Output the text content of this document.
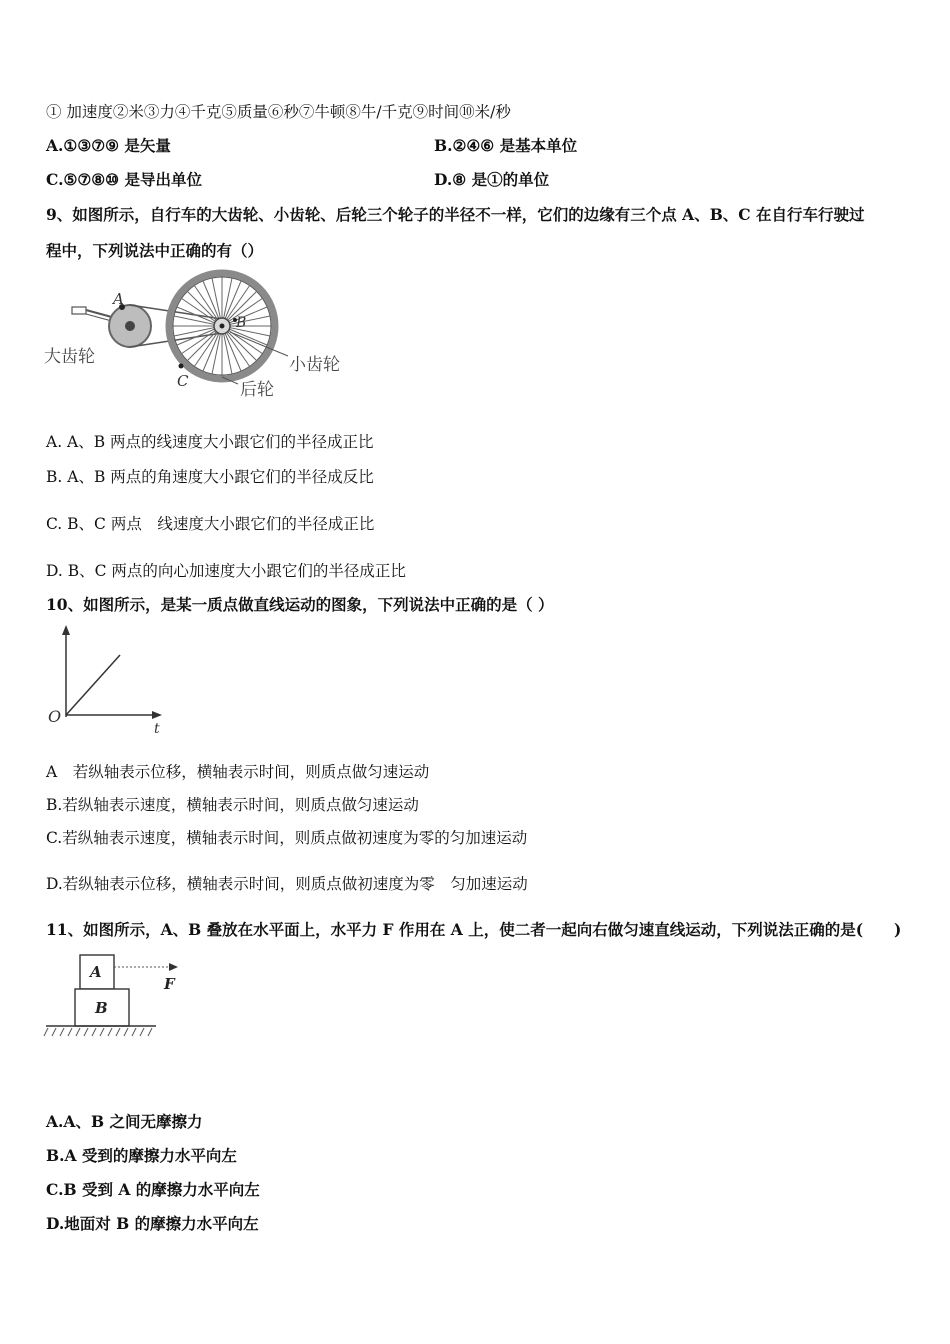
① 加速度②米③力④千克⑤质量⑥秒⑦牛顿⑧牛/千克⑨时间⑩米/秒
A.①③⑦⑨ 是矢量	B.②④⑥ 是基本单位
C.⑤⑦⑧⑩ 是导出单位	D.⑧ 是①的单位
9、如图所示，自行车的大齿轮、小齿轮、后轮三个轮子的半径不一样，它们的边缘有三个点 A、B、C 在自行车行驶过
程中，下列说法中正确的有（）
A
B
C
大齿轮	小齿轮
后轮
A. A、B 两点的线速度大小跟它们的半径成正比
B. A、B 两点的角速度大小跟它们的半径成反比
C. B、C 两点　线速度大小跟它们的半径成正比
D. B、C 两点的向心加速度大小跟它们的半径成正比
10、如图所示，是某一质点做直线运动的图象，下列说法中正确的是（ ）
O
t
A　若纵轴表示位移，横轴表示时间，则质点做匀速运动
B.若纵轴表示速度，横轴表示时间，则质点做匀速运动
C.若纵轴表示速度，横轴表示时间，则质点做初速度为零的匀加速运动
D.若纵轴表示位移，横轴表示时间，则质点做初速度为零　匀加速运动
11、如图所示，A、B 叠放在水平面上，水平力 F 作用在 A 上，使二者一起向右做匀速直线运动，下列说法正确的是(　　)
A
B
F
A.A、B 之间无摩擦力
B.A 受到的摩擦力水平向左
C.B 受到 A 的摩擦力水平向左
D.地面对 B 的摩擦力水平向左
